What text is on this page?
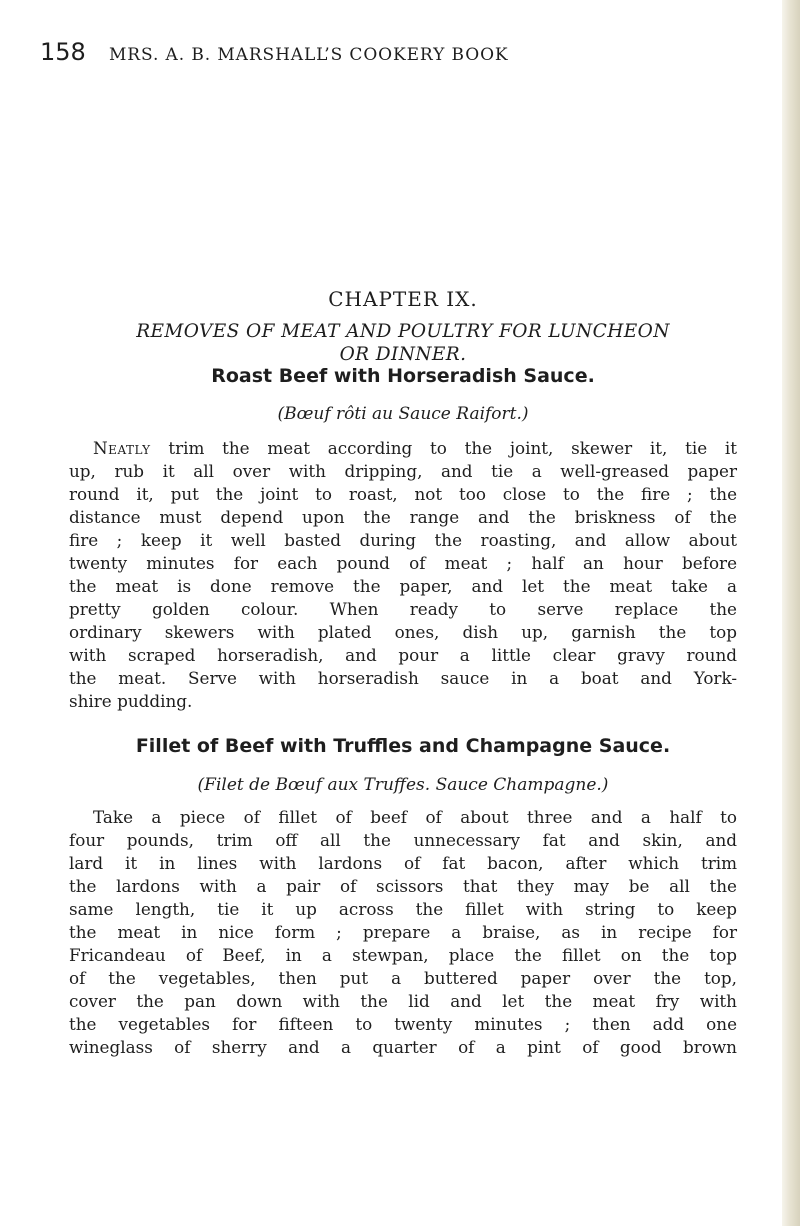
158 MRS. A. B. MARSHALL’S COOKERY BOOK
CHAPTER IX.
REMOVES OF MEAT AND POULTRY FOR LUNCHEON
OR DINNER.
Roast Beef with Horseradish Sauce.
(Bœuf rôti au Sauce Raifort.)
Neatly trim the meat according to the joint, skewer it, tie it
up, rub it all over with dripping, and tie a well-greased paper
round it, put the joint to roast, not too close to the fire ; the
distance must depend upon the range and the briskness of the
fire ; keep it well basted during the roasting, and allow about
twenty minutes for each pound of meat ; half an hour before
the meat is done remove the paper, and let the meat take a
pretty golden colour. When ready to serve replace the
ordinary skewers with plated ones, dish up, garnish the top
with scraped horseradish, and pour a little clear gravy round
the meat. Serve with horseradish sauce in a boat and York-
shire pudding.
Fillet of Beef with Truffles and Champagne Sauce.
(Filet de Bœuf aux Truffes. Sauce Champagne.)
Take a piece of fillet of beef of about three and a half to
four pounds, trim off all the unnecessary fat and skin, and
lard it in lines with lardons of fat bacon, after which trim
the lardons with a pair of scissors that they may be all the
same length, tie it up across the fillet with string to keep
the meat in nice form ; prepare a braise, as in recipe for
Fricandeau of Beef, in a stewpan, place the fillet on the top
of the vegetables, then put a buttered paper over the top,
cover the pan down with the lid and let the meat fry with
the vegetables for fifteen to twenty minutes ; then add one
wineglass of sherry and a quarter of a pint of good brown
